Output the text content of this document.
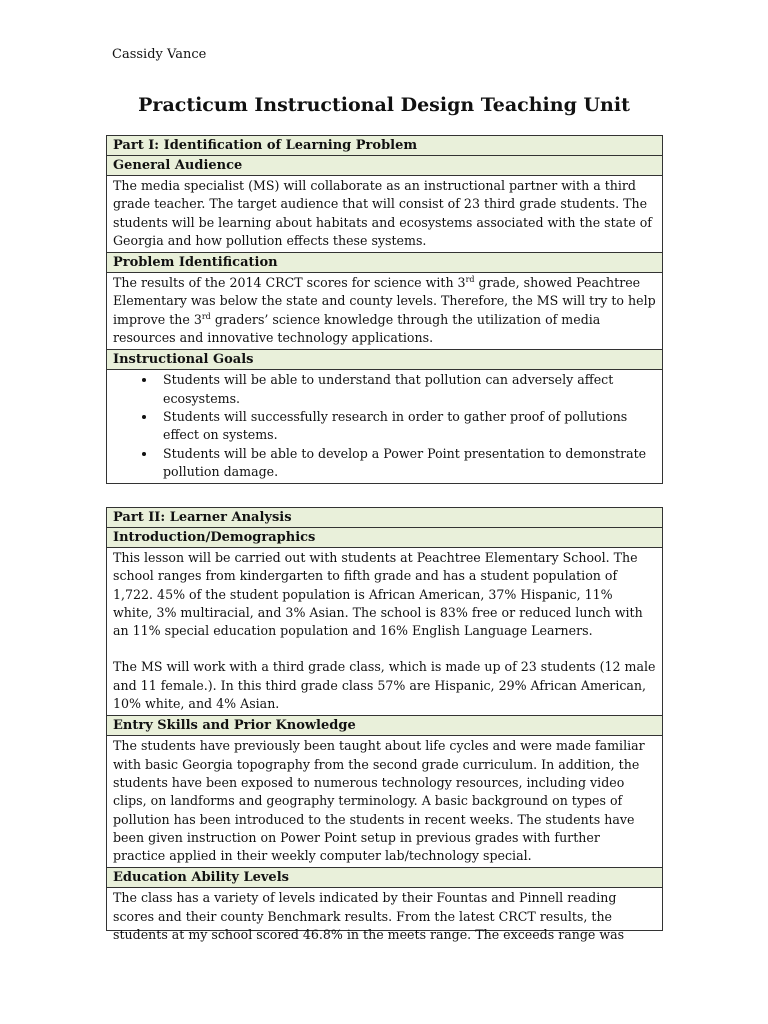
Cassidy Vance
Practicum Instructional Design Teaching Unit
Part I: Identification of Learning Problem
General Audience

The media specialist (MS) will collaborate as an instructional partner with a third grade teacher. The target audience that will consist of 23 third grade students. The students will be learning about habitats and ecosystems associated with the state of Georgia and how pollution effects these systems.

Problem Identification

The results of the 2014 CRCT scores for science with 3rd grade, showed Peachtree Elementary was below the state and county levels. Therefore, the MS will try to help improve the 3rd graders’ science knowledge through the utilization of media resources and innovative technology applications.

Instructional Goals
• Students will be able to understand that pollution can adversely affect ecosystems.
• Students will successfully research in order to gather proof of pollutions effect on systems.
• Students will be able to develop a Power Point presentation to demonstrate pollution damage.
Part II: Learner Analysis
Introduction/Demographics

This lesson will be carried out with students at Peachtree Elementary School. The school ranges from kindergarten to fifth grade and has a student population of 1,722. 45% of the student population is African American, 37% Hispanic, 11% white, 3% multiracial, and 3% Asian. The school is 83% free or reduced lunch with an 11% special education population and 16% English Language Learners.

The MS will work with a third grade class, which is made up of 23 students (12 male and 11 female.). In this third grade class 57% are Hispanic, 29% African American, 10% white, and 4% Asian.

Entry Skills and Prior Knowledge

The students have previously been taught about life cycles and were made familiar with basic Georgia topography from the second grade curriculum. In addition, the students have been exposed to numerous technology resources, including video clips, on landforms and geography terminology. A basic background on types of pollution has been introduced to the students in recent weeks. The students have been given instruction on Power Point setup in previous grades with further practice applied in their weekly computer lab/technology special.

Education Ability Levels

The class has a variety of levels indicated by their Fountas and Pinnell reading scores and their county Benchmark results. From the latest CRCT results, the students at my school scored 46.8% in the meets range. The exceeds range was
